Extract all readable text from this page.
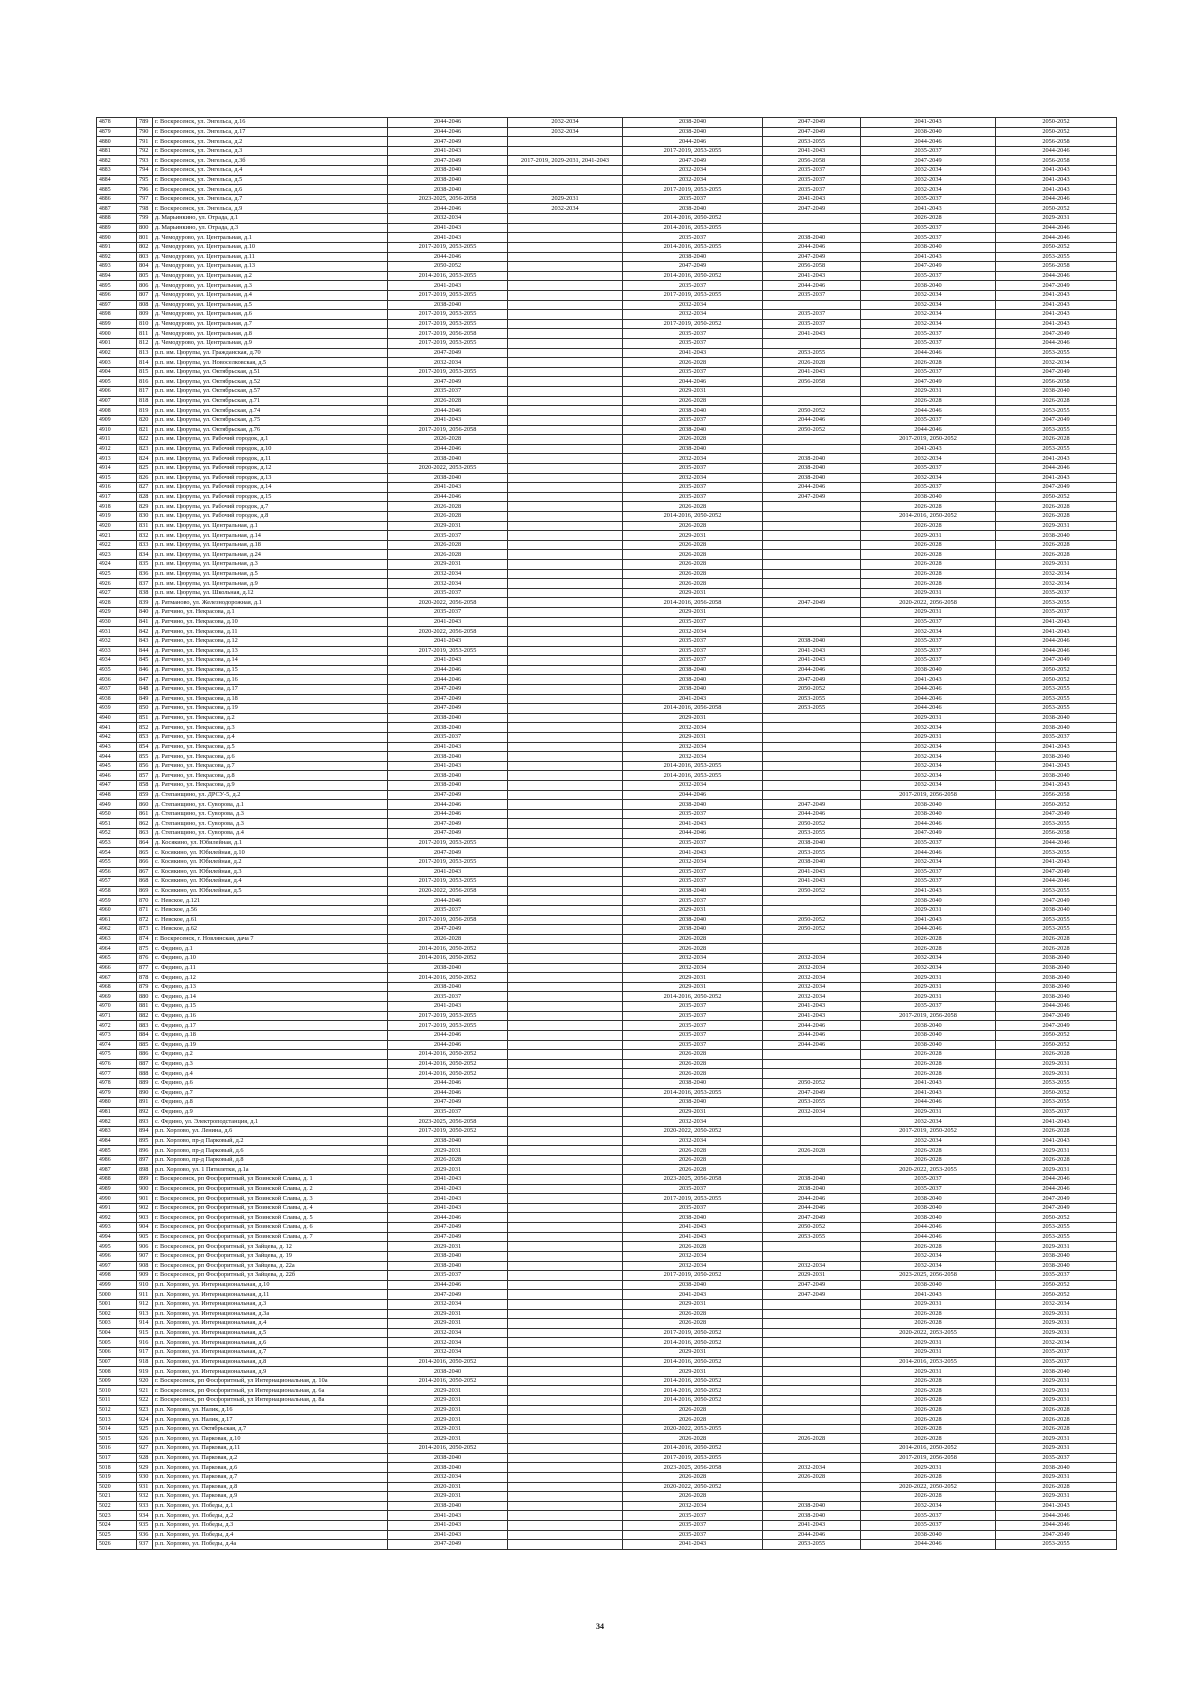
4878	789	г. Воскресенск, ул. Энгельса, д.16	2044-2046	2032-2034	2038-2040	2047-2049	2041-2043	2050-2052
4879	790	г. Воскресенск, ул. Энгельса, д.17	2044-2046	2032-2034	2038-2040	2047-2049	2038-2040	2050-2052
4880	791	г. Воскресенск, ул. Энгельса, д.2	2047-2049		2044-2046	2053-2055	2044-2046	2056-2058
4881	792	г. Воскресенск, ул. Энгельса, д.3	2041-2043		2017-2019, 2053-2055	2041-2043	2035-2037	2044-2046
4882	793	г. Воскресенск, ул. Энгельса, д.3б	2047-2049	2017-2019, 2029-2031, 2041-2043	2047-2049	2056-2058	2047-2049	2056-2058
4883	794	г. Воскресенск, ул. Энгельса, д.4	2038-2040		2032-2034	2035-2037	2032-2034	2041-2043
4884	795	г. Воскресенск, ул. Энгельса, д.5	2038-2040		2032-2034	2035-2037	2032-2034	2041-2043
4885	796	г. Воскресенск, ул. Энгельса, д.6	2038-2040		2017-2019, 2053-2055	2035-2037	2032-2034	2041-2043
4886	797	г. Воскресенск, ул. Энгельса, д.7	2023-2025, 2056-2058	2029-2031	2035-2037	2041-2043	2035-2037	2044-2046
4887	798	г. Воскресенск, ул. Энгельса, д.9	2044-2046	2032-2034	2038-2040	2047-2049	2041-2043	2050-2052
4888	799	д. Марьинкино, ул. Отрада, д.1	2032-2034		2014-2016, 2050-2052		2026-2028	2029-2031
4889	800	д. Марьинкино, ул. Отрада, д.3	2041-2043		2014-2016, 2053-2055		2035-2037	2044-2046
4890	801	д. Чемодурово, ул. Центральная, д.1	2041-2043		2035-2037	2038-2040	2035-2037	2044-2046
4891	802	д. Чемодурово, ул. Центральная, д.10	2017-2019, 2053-2055		2014-2016, 2053-2055	2044-2046	2038-2040	2050-2052
4892	803	д. Чемодурово, ул. Центральная, д.11	2044-2046		2038-2040	2047-2049	2041-2043	2053-2055
4893	804	д. Чемодурово, ул. Центральная, д.13	2050-2052		2047-2049	2056-2058	2047-2049	2056-2058
4894	805	д. Чемодурово, ул. Центральная, д.2	2014-2016, 2053-2055		2014-2016, 2050-2052	2041-2043	2035-2037	2044-2046
4895	806	д. Чемодурово, ул. Центральная, д.3	2041-2043		2035-2037	2044-2046	2038-2040	2047-2049
4896	807	д. Чемодурово, ул. Центральная, д.4	2017-2019, 2053-2055		2017-2019, 2053-2055	2035-2037	2032-2034	2041-2043
4897	808	д. Чемодурово, ул. Центральная, д.5	2038-2040		2032-2034		2032-2034	2041-2043
4898	809	д. Чемодурово, ул. Центральная, д.6	2017-2019, 2053-2055		2032-2034	2035-2037	2032-2034	2041-2043
4899	810	д. Чемодурово, ул. Центральная, д.7	2017-2019, 2053-2055		2017-2019, 2050-2052	2035-2037	2032-2034	2041-2043
4900	811	д. Чемодурово, ул. Центральная, д.8	2017-2019, 2056-2058		2035-2037	2041-2043	2035-2037	2047-2049
4901	812	д. Чемодурово, ул. Центральная, д.9	2017-2019, 2053-2055		2035-2037		2035-2037	2044-2046
4902	813	р.п. им. Цюрупы, ул. Гражданская, д.70	2047-2049		2041-2043	2053-2055	2044-2046	2053-2055
4903	814	р.п. им. Цюрупы, ул. Новоселковская, д.5	2032-2034		2026-2028	2026-2028	2026-2028	2032-2034
4904	815	р.п. им. Цюрупы, ул. Октябрьская, д.51	2017-2019, 2053-2055		2035-2037	2041-2043	2035-2037	2047-2049
4905	816	р.п. им. Цюрупы, ул. Октябрьская, д.52	2047-2049		2044-2046	2056-2058	2047-2049	2056-2058
4906	817	р.п. им. Цюрупы, ул. Октябрьская, д.57	2035-2037		2029-2031		2029-2031	2038-2040
4907	818	р.п. им. Цюрупы, ул. Октябрьская, д.71	2026-2028		2026-2028		2026-2028	2026-2028
4908	819	р.п. им. Цюрупы, ул. Октябрьская, д.74	2044-2046		2038-2040	2050-2052	2044-2046	2053-2055
4909	820	р.п. им. Цюрупы, ул. Октябрьская, д.75	2041-2043		2035-2037	2044-2046	2035-2037	2047-2049
4910	821	р.п. им. Цюрупы, ул. Октябрьская, д.76	2017-2019, 2056-2058		2038-2040	2050-2052	2044-2046	2053-2055
4911	822	р.п. им. Цюрупы, ул. Рабочий городок, д.1	2026-2028		2026-2028		2017-2019, 2050-2052	2026-2028
4912	823	р.п. им. Цюрупы, ул. Рабочий городок, д.10	2044-2046		2038-2040		2041-2043	2053-2055
4913	824	р.п. им. Цюрупы, ул. Рабочий городок, д.11	2038-2040		2032-2034	2038-2040	2032-2034	2041-2043
4914	825	р.п. им. Цюрупы, ул. Рабочий городок, д.12	2020-2022, 2053-2055		2035-2037	2038-2040	2035-2037	2044-2046
4915	826	р.п. им. Цюрупы, ул. Рабочий городок, д.13	2038-2040		2032-2034	2038-2040	2032-2034	2041-2043
4916	827	р.п. им. Цюрупы, ул. Рабочий городок, д.14	2041-2043		2035-2037	2044-2046	2035-2037	2047-2049
4917	828	р.п. им. Цюрупы, ул. Рабочий городок, д.15	2044-2046		2035-2037	2047-2049	2038-2040	2050-2052
4918	829	р.п. им. Цюрупы, ул. Рабочий городок, д.7	2026-2028		2026-2028		2026-2028	2026-2028
4919	830	р.п. им. Цюрупы, ул. Рабочий городок, д.8	2026-2028		2014-2016, 2050-2052		2014-2016, 2050-2052	2026-2028
4920	831	р.п. им. Цюрупы, ул. Центральная, д.1	2029-2031		2026-2028		2026-2028	2029-2031
4921	832	р.п. им. Цюрупы, ул. Центральная, д.14	2035-2037		2029-2031		2029-2031	2038-2040
4922	833	р.п. им. Цюрупы, ул. Центральная, д.18	2026-2028		2026-2028		2026-2028	2026-2028
4923	834	р.п. им. Цюрупы, ул. Центральная, д.24	2026-2028		2026-2028		2026-2028	2026-2028
4924	835	р.п. им. Цюрупы, ул. Центральная, д.3	2029-2031		2026-2028		2026-2028	2029-2031
4925	836	р.п. им. Цюрупы, ул. Центральная, д.5	2032-2034		2026-2028		2026-2028	2032-2034
4926	837	р.п. им. Цюрупы, ул. Центральная, д.9	2032-2034		2026-2028		2026-2028	2032-2034
4927	838	р.п. им. Цюрупы, ул. Школьная, д.12	2035-2037		2029-2031		2029-2031	2035-2037
4928	839	д. Ратманово, ул. Железнодорожная, д.1	2020-2022, 2056-2058		2014-2016, 2056-2058	2047-2049	2020-2022, 2056-2058	2053-2055
4929	840	д. Ратчино, ул. Некрасова, д.1	2035-2037		2029-2031		2029-2031	2035-2037
4930	841	д. Ратчино, ул. Некрасова, д.10	2041-2043		2035-2037		2035-2037	2041-2043
4931	842	д. Ратчино, ул. Некрасова, д.11	2020-2022, 2056-2058		2032-2034		2032-2034	2041-2043
4932	843	д. Ратчино, ул. Некрасова, д.12	2041-2043		2035-2037	2038-2040	2035-2037	2044-2046
4933	844	д. Ратчино, ул. Некрасова, д.13	2017-2019, 2053-2055		2035-2037	2041-2043	2035-2037	2044-2046
4934	845	д. Ратчино, ул. Некрасова, д.14	2041-2043		2035-2037	2041-2043	2035-2037	2047-2049
4935	846	д. Ратчино, ул. Некрасова, д.15	2044-2046		2038-2040	2044-2046	2038-2040	2050-2052
4936	847	д. Ратчино, ул. Некрасова, д.16	2044-2046		2038-2040	2047-2049	2041-2043	2050-2052
4937	848	д. Ратчино, ул. Некрасова, д.17	2047-2049		2038-2040	2050-2052	2044-2046	2053-2055
4938	849	д. Ратчино, ул. Некрасова, д.18	2047-2049		2041-2043	2053-2055	2044-2046	2053-2055
4939	850	д. Ратчино, ул. Некрасова, д.19	2047-2049		2014-2016, 2056-2058	2053-2055	2044-2046	2053-2055
4940	851	д. Ратчино, ул. Некрасова, д.2	2038-2040		2029-2031		2029-2031	2038-2040
4941	852	д. Ратчино, ул. Некрасова, д.3	2038-2040		2032-2034		2032-2034	2038-2040
4942	853	д. Ратчино, ул. Некрасова, д.4	2035-2037		2029-2031		2029-2031	2035-2037
4943	854	д. Ратчино, ул. Некрасова, д.5	2041-2043		2032-2034		2032-2034	2041-2043
4944	855	д. Ратчино, ул. Некрасова, д.6	2038-2040		2032-2034		2032-2034	2038-2040
4945	856	д. Ратчино, ул. Некрасова, д.7	2041-2043		2014-2016, 2053-2055		2032-2034	2041-2043
4946	857	д. Ратчино, ул. Некрасова, д.8	2038-2040		2014-2016, 2053-2055		2032-2034	2038-2040
4947	858	д. Ратчино, ул. Некрасова, д.9	2038-2040		2032-2034		2032-2034	2041-2043
4948	859	д. Степанщино, ул. ДРСУ-5, д.2	2047-2049		2044-2046		2017-2019, 2056-2058	2056-2058
4949	860	д. Степанщино, ул. Суворова, д.1	2044-2046		2038-2040	2047-2049	2038-2040	2050-2052
4950	861	д. Степанщино, ул. Суворова, д.3	2044-2046		2035-2037	2044-2046	2038-2040	2047-2049
4951	862	д. Степанщино, ул. Суворова, д.3	2047-2049		2041-2043	2050-2052	2044-2046	2053-2055
4952	863	д. Степанщино, ул. Суворова, д.4	2047-2049		2044-2046	2053-2055	2047-2049	2056-2058
4953	864	д. Косякино, ул. Юбилейная, д.1	2017-2019, 2053-2055		2035-2037	2038-2040	2035-2037	2044-2046
4954	865	с. Косякино, ул. Юбилейная, д.10	2047-2049		2041-2043	2053-2055	2044-2046	2053-2055
4955	866	с. Косякино, ул. Юбилейная, д.2	2017-2019, 2053-2055		2032-2034	2038-2040	2032-2034	2041-2043
4956	867	с. Косякино, ул. Юбилейная, д.3	2041-2043		2035-2037	2041-2043	2035-2037	2047-2049
4957	868	с. Косякино, ул. Юбилейная, д.4	2017-2019, 2053-2055		2035-2037	2041-2043	2035-2037	2044-2046
4958	869	с. Косякино, ул. Юбилейная, д.5	2020-2022, 2056-2058		2038-2040	2050-2052	2041-2043	2053-2055
4959	870	с. Невское, д.121	2044-2046		2035-2037		2038-2040	2047-2049
4960	871	с. Невское, д.56	2035-2037		2029-2031		2029-2031	2038-2040
4961	872	с. Невское, д.61	2017-2019, 2056-2058		2038-2040	2050-2052	2041-2043	2053-2055
4962	873	с. Невское, д.62	2047-2049		2038-2040	2050-2052	2044-2046	2053-2055
4963	874	г. Воскресенск, г. Новлянская, дача 7	2026-2028		2026-2028		2026-2028	2026-2028
4964	875	с. Федино, д.1	2014-2016, 2050-2052		2026-2028		2026-2028	2026-2028
4965	876	с. Федино, д.10	2014-2016, 2050-2052		2032-2034	2032-2034	2032-2034	2038-2040
4966	877	с. Федино, д.11	2038-2040		2032-2034	2032-2034	2032-2034	2038-2040
4967	878	с. Федино, д.12	2014-2016, 2050-2052		2029-2031	2032-2034	2029-2031	2038-2040
4968	879	с. Федино, д.13	2038-2040		2029-2031	2032-2034	2029-2031	2038-2040
4969	880	с. Федино, д.14	2035-2037		2014-2016, 2050-2052	2032-2034	2029-2031	2038-2040
4970	881	с. Федино, д.15	2041-2043		2035-2037	2041-2043	2035-2037	2044-2046
4971	882	с. Федино, д.16	2017-2019, 2053-2055		2035-2037	2041-2043	2017-2019, 2056-2058	2047-2049
4972	883	с. Федино, д.17	2017-2019, 2053-2055		2035-2037	2044-2046	2038-2040	2047-2049
4973	884	с. Федино, д.18	2044-2046		2035-2037	2044-2046	2038-2040	2050-2052
4974	885	с. Федино, д.19	2044-2046		2035-2037	2044-2046	2038-2040	2050-2052
4975	886	с. Федино, д.2	2014-2016, 2050-2052		2026-2028		2026-2028	2026-2028
4976	887	с. Федино, д.3	2014-2016, 2050-2052		2026-2028		2026-2028	2029-2031
4977	888	с. Федино, д.4	2014-2016, 2050-2052		2026-2028		2026-2028	2029-2031
4978	889	с. Федино, д.6	2044-2046		2038-2040	2050-2052	2041-2043	2053-2055
4979	890	с. Федино, д.7	2044-2046		2014-2016, 2053-2055	2047-2049	2041-2043	2050-2052
4980	891	с. Федино, д.8	2047-2049		2038-2040	2053-2055	2044-2046	2053-2055
4981	892	с. Федино, д.9	2035-2037		2029-2031	2032-2034	2029-2031	2035-2037
4982	893	с. Федино, ул. Электроподстанция, д.1	2023-2025, 2056-2058		2032-2034		2032-2034	2041-2043
4983	894	р.п. Хорлово, ул. Ленина, д.6	2017-2019, 2050-2052		2020-2022, 2050-2052		2017-2019, 2050-2052	2026-2028
4984	895	р.п. Хорлово, пр-д Парковый, д.2	2038-2040		2032-2034		2032-2034	2041-2043
4985	896	р.п. Хорлово, пр-д Парковый, д.6	2029-2031		2026-2028	2026-2028	2026-2028	2029-2031
4986	897	р.п. Хорлово, пр-д Парковый, д.8	2026-2028		2026-2028		2026-2028	2026-2028
4987	898	р.п. Хорлово, ул. 1 Пятилетки, д.1а	2029-2031		2026-2028		2020-2022, 2053-2055	2029-2031
4988	899	г. Воскресенск, рп Фосфоритный, ул Воинской Славы, д. 1	2041-2043		2023-2025, 2056-2058	2038-2040	2035-2037	2044-2046
4989	900	г. Воскресенск, рп Фосфоритный, ул Воинской Славы, д. 2	2041-2043		2035-2037	2038-2040	2035-2037	2044-2046
4990	901	г. Воскресенск, рп Фосфоритный, ул Воинской Славы, д. 3	2041-2043		2017-2019, 2053-2055	2044-2046	2038-2040	2047-2049
4991	902	г. Воскресенск, рп Фосфоритный, ул Воинской Славы, д. 4	2041-2043		2035-2037	2044-2046	2038-2040	2047-2049
4992	903	г. Воскресенск, рп Фосфоритный, ул Воинской Славы, д. 5	2044-2046		2038-2040	2047-2049	2038-2040	2050-2052
4993	904	г. Воскресенск, рп Фосфоритный, ул Воинской Славы, д. 6	2047-2049		2041-2043	2050-2052	2044-2046	2053-2055
4994	905	г. Воскресенск, рп Фосфоритный, ул Воинской Славы, д. 7	2047-2049		2041-2043	2053-2055	2044-2046	2053-2055
4995	906	г. Воскресенск, рп Фосфоритный, ул Зайцева, д. 12	2029-2031		2026-2028		2026-2028	2029-2031
4996	907	г. Воскресенск, рп Фосфоритный, ул Зайцева, д. 19	2038-2040		2032-2034		2032-2034	2038-2040
4997	908	г. Воскресенск, рп Фосфоритный, ул Зайцева, д. 22а	2038-2040		2032-2034	2032-2034	2032-2034	2038-2040
4998	909	г. Воскресенск, рп Фосфоритный, ул Зайцева, д. 22б	2035-2037		2017-2019, 2050-2052	2029-2031	2023-2025, 2056-2058	2035-2037
4999	910	р.п. Хорлово, ул. Интернациональная, д.10	2044-2046		2038-2040	2047-2049	2038-2040	2050-2052
5000	911	р.п. Хорлово, ул. Интернациональная, д.11	2047-2049		2041-2043	2047-2049	2041-2043	2050-2052
5001	912	р.п. Хорлово, ул. Интернациональная, д.3	2032-2034		2029-2031		2029-2031	2032-2034
5002	913	р.п. Хорлово, ул. Интернациональная, д.3а	2029-2031		2026-2028		2026-2028	2029-2031
5003	914	р.п. Хорлово, ул. Интернациональная, д.4	2029-2031		2026-2028		2026-2028	2029-2031
5004	915	р.п. Хорлово, ул. Интернациональная, д.5	2032-2034		2017-2019, 2050-2052		2020-2022, 2053-2055	2029-2031
5005	916	р.п. Хорлово, ул. Интернациональная, д.6	2032-2034		2014-2016, 2050-2052		2029-2031	2032-2034
5006	917	р.п. Хорлово, ул. Интернациональная, д.7	2032-2034		2029-2031		2029-2031	2035-2037
5007	918	р.п. Хорлово, ул. Интернациональная, д.8	2014-2016, 2050-2052		2014-2016, 2050-2052		2014-2016, 2053-2055	2035-2037
5008	919	р.п. Хорлово, ул. Интернациональная, д.9	2038-2040		2029-2031		2029-2031	2038-2040
5009	920	г. Воскресенск, рп Фосфоритный, ул Интернациональная, д. 10а	2014-2016, 2050-2052		2014-2016, 2050-2052		2026-2028	2029-2031
5010	921	г. Воскресенск, рп Фосфоритный, ул Интернациональная, д. 6а	2029-2031		2014-2016, 2050-2052		2026-2028	2029-2031
5011	922	г. Воскресенск, рп Фосфоритный, ул Интернациональная, д. 8а	2029-2031		2014-2016, 2050-2052		2026-2028	2029-2031
5012	923	р.п. Хорлово, ул. Налик, д.16	2029-2031		2026-2028		2026-2028	2026-2028
5013	924	р.п. Хорлово, ул. Налик, д.17	2029-2031		2026-2028		2026-2028	2026-2028
5014	925	р.п. Хорлово, ул. Октябрьская, д.7	2029-2031		2020-2022, 2053-2055		2026-2028	2026-2028
5015	926	р.п. Хорлово, ул. Парковая, д.10	2029-2031		2026-2028	2026-2028	2026-2028	2029-2031
5016	927	р.п. Хорлово, ул. Парковая, д.11	2014-2016, 2050-2052		2014-2016, 2050-2052		2014-2016, 2050-2052	2029-2031
5017	928	р.п. Хорлово, ул. Парковая, д.2	2038-2040		2017-2019, 2053-2055		2017-2019, 2056-2058	2035-2037
5018	929	р.п. Хорлово, ул. Парковая, д.6	2038-2040		2023-2025, 2056-2058	2032-2034	2029-2031	2038-2040
5019	930	р.п. Хорлово, ул. Парковая, д.7	2032-2034		2026-2028	2026-2028	2026-2028	2029-2031
5020	931	р.п. Хорлово, ул. Парковая, д.8	2020-2031		2020-2022, 2050-2052		2020-2022, 2050-2052	2026-2028
5021	932	р.п. Хорлово, ул. Парковая, д.9	2029-2031		2026-2028		2026-2028	2029-2031
5022	933	р.п. Хорлово, ул. Победы, д.1	2038-2040		2032-2034	2038-2040	2032-2034	2041-2043
5023	934	р.п. Хорлово, ул. Победы, д.2	2041-2043		2035-2037	2038-2040	2035-2037	2044-2046
5024	935	р.п. Хорлово, ул. Победы, д.3	2041-2043		2035-2037	2041-2043	2035-2037	2044-2046
5025	936	р.п. Хорлово, ул. Победы, д.4	2041-2043		2035-2037	2044-2046	2038-2040	2047-2049
5026	937	р.п. Хорлово, ул. Победы, д.4а	2047-2049		2041-2043	2053-2055	2044-2046	2053-2055
34
